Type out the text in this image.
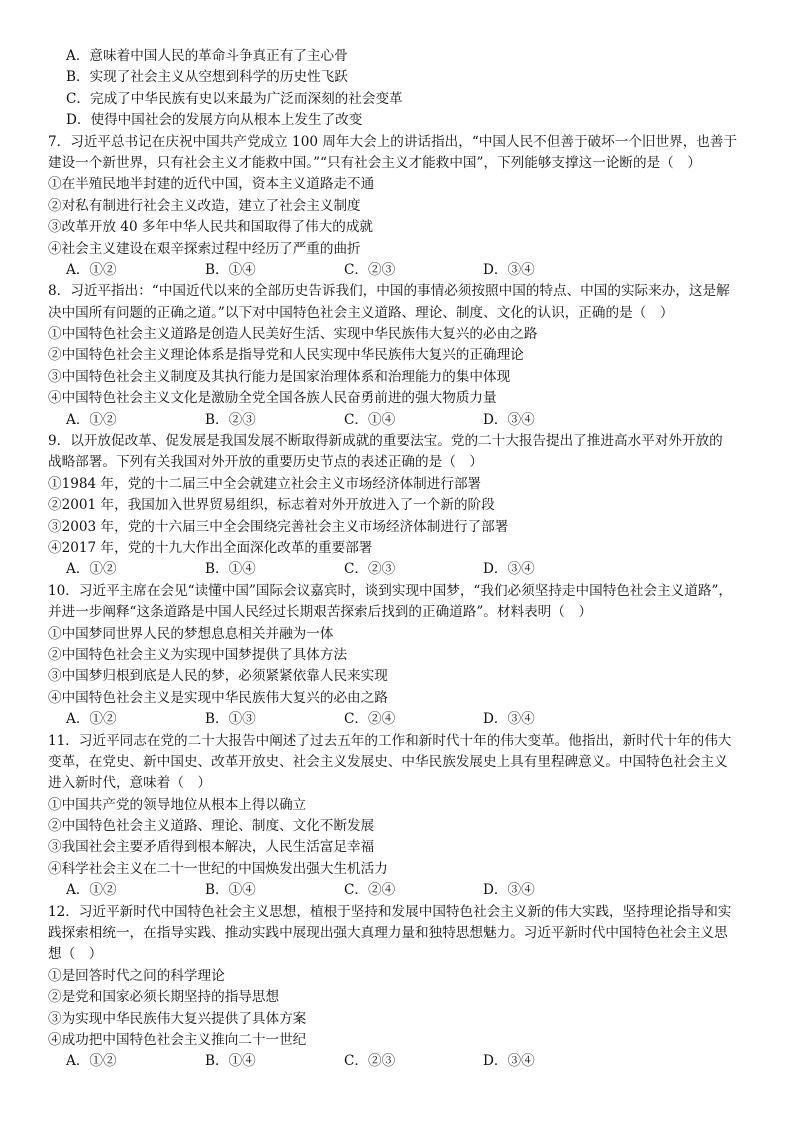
A．意味着中国人民的革命斗争真正有了主心骨
B．实现了社会主义从空想到科学的历史性飞跃
C．完成了中华民族有史以来最为广泛而深刻的社会变革
D．使得中国社会的发展方向从根本上发生了改变
7．习近平总书记在庆祝中国共产党成立 100 周年大会上的讲话指出，“中国人民不但善于破坏一个旧世界，也善于
建设一个新世界，只有社会主义才能救中国。”“只有社会主义才能救中国”，下列能够支撑这一论断的是（　）
①在半殖民地半封建的近代中国，资本主义道路走不通
②对私有制进行社会主义改造，建立了社会主义制度
③改革开放 40 多年中华人民共和国取得了伟大的成就
④社会主义建设在艰辛探索过程中经历了严重的曲折
A．①②	B．①④	C．②③	D．③④
8．习近平指出：“中国近代以来的全部历史告诉我们，中国的事情必须按照中国的特点、中国的实际来办，这是解
决中国所有问题的正确之道。”以下对中国特色社会主义道路、理论、制度、文化的认识，正确的是（　）
①中国特色社会主义道路是创造人民美好生活、实现中华民族伟大复兴的必由之路
②中国特色社会主义理论体系是指导党和人民实现中华民族伟大复兴的正确理论
③中国特色社会主义制度及其执行能力是国家治理体系和治理能力的集中体现
④中国特色社会主义文化是激励全党全国各族人民奋勇前进的强大物质力量
A．①②	B．②③	C．①④	D．③④
9．以开放促改革、促发展是我国发展不断取得新成就的重要法宝。党的二十大报告提出了推进高水平对外开放的
战略部署。下列有关我国对外开放的重要历史节点的表述正确的是（　）
①1984 年，党的十二届三中全会就建立社会主义市场经济体制进行部署
②2001 年，我国加入世界贸易组织，标志着对外开放进入了一个新的阶段
③2003 年，党的十六届三中全会围绕完善社会主义市场经济体制进行了部署
④2017 年，党的十九大作出全面深化改革的重要部署
A．①②	B．①④	C．②③	D．③④
10．习近平主席在会见“读懂中国”国际会议嘉宾时，谈到实现中国梦，“我们必须坚持走中国特色社会主义道路”，
并进一步阐释“这条道路是中国人民经过长期艰苦探索后找到的正确道路”。材料表明（　）
①中国梦同世界人民的梦想息息相关并融为一体
②中国特色社会主义为实现中国梦提供了具体方法
③中国梦归根到底是人民的梦，必须紧紧依靠人民来实现
④中国特色社会主义是实现中华民族伟大复兴的必由之路
A．①②	B．①③	C．②④	D．③④
11．习近平同志在党的二十大报告中阐述了过去五年的工作和新时代十年的伟大变革。他指出，新时代十年的伟大
变革，在党史、新中国史、改革开放史、社会主义发展史、中华民族发展史上具有里程碑意义。中国特色社会主义
进入新时代，意味着（　）
①中国共产党的领导地位从根本上得以确立
②中国特色社会主义道路、理论、制度、文化不断发展
③我国社会主要矛盾得到根本解决，人民生活富足幸福
④科学社会主义在二十一世纪的中国焕发出强大生机活力
A．①②	B．①④	C．②④	D．③④
12．习近平新时代中国特色社会主义思想，植根于坚持和发展中国特色社会主义新的伟大实践，坚持理论指导和实
践探索相统一，在指导实践、推动实践中展现出强大真理力量和独特思想魅力。习近平新时代中国特色社会主义思
想（　）
①是回答时代之问的科学理论
②是党和国家必须长期坚持的指导思想
③为实现中华民族伟大复兴提供了具体方案
④成功把中国特色社会主义推向二十一世纪
A．①②	B．①④	C．②③	D．③④
